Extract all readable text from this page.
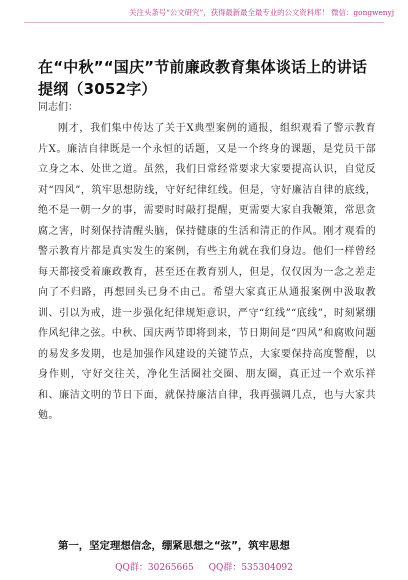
关注头条号“公文研究”，获得最新最全最专业的公文资料库！ 微信：gongwenyj
在“中秋”“国庆”节前廉政教育集体谈话上的讲话提纲（3052字）
同志们：

刚才，我们集中传达了关于X典型案例的通报，组织观看了警示教育片X。廉洁自律既是一个永恒的话题，又是一个终身的课题，是党员干部立身之本、处世之道。虽然，我们日常经常要求大家要提高认识，自觉反对“四风”，筑牢思想防线，守好纪律红线。但是，守好廉洁自律的底线，绝不是一朝一夕的事，需要时时敲打提醒，更需要大家自我鞭策，常思贪腐之害，时刻保持清醒头脑，保持健康的生活和清正的作风。刚才观看的警示教育片都是真实发生的案例，有些主角就在我们身边。他们一样曾经每天都接受着廉政教育，甚至还在教育别人，但是，仅仅因为一念之差走向了不归路，再想回头已身不由己。希望大家真正从通报案例中汲取教训、引以为戒，进一步强化纪律规矩意识，严守“红线”“底线”，时刻紧绷作风纪律之弦。中秋、国庆两节即将到来，节日期间是“四风”和腐败问题的易发多发期，也是加强作风建设的关键节点，大家要保持高度警醒，以身作则，守好交往关，净化生活圈社交圈、朋友圈，真正过一个欢乐祥和、廉洁文明的节日下面，就保持廉洁自律，我再强调几点，也与大家共勉。

第一，坚定理想信念，绷紧思想之“弦”，筑牢思想
QQ群：30265665 QQ群：535304092
